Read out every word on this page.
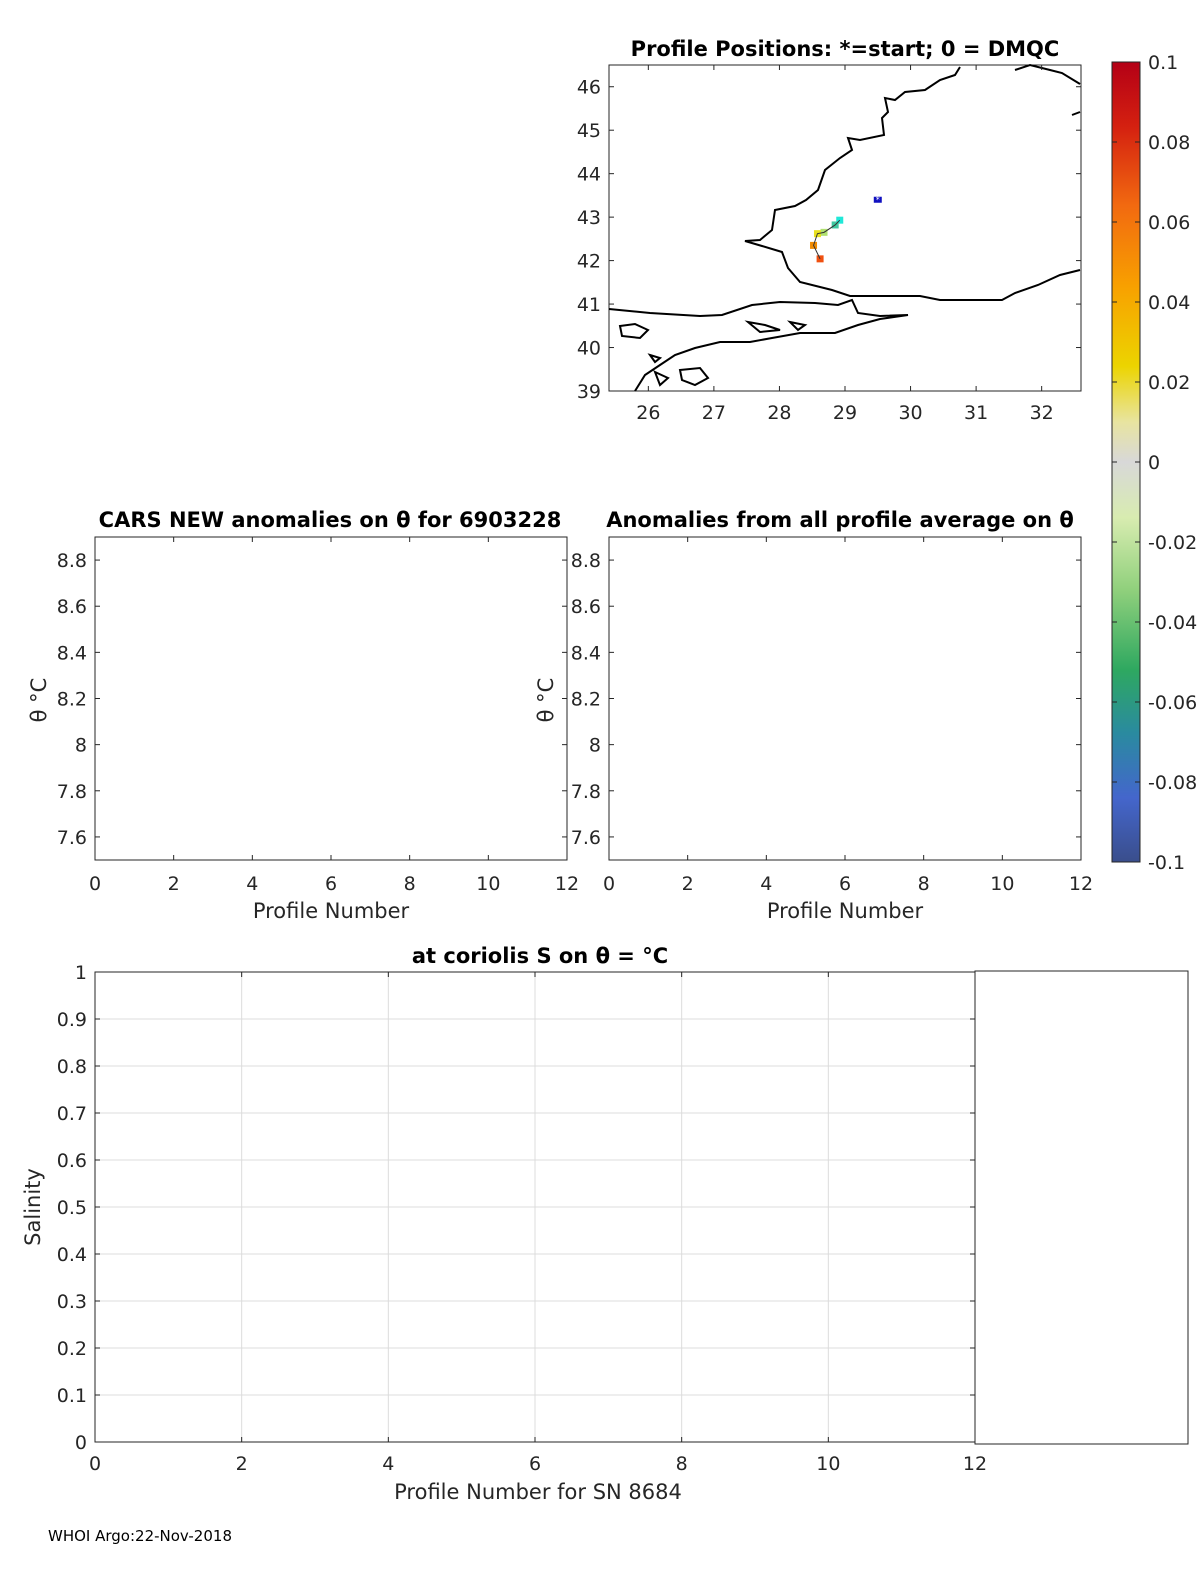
Profile Positions: *=start; 0 = DMQC
*
26 27 28 29 30 31 32
39
40
41
42
43
44
45
46
0.1
0.08
0.06
0.04
0.02
0
-0.02
-0.04
-0.06
-0.08
-0.1
CARS NEW anomalies on θ for 6903228
0	2	4	6	8	10	12
7.6
7.8
8
8.2
8.4
8.6
8.8
Profile Number
θ °C
Anomalies from all profile average on θ
0	2	4	6	8	10	12
7.6
7.8
8
8.2
8.4
8.6
8.8
Profile Number
θ °C
at coriolis S on θ = °C
0	2	4	6	8	10	12
0
0.1
0.2
0.3
0.4
0.5
0.6
0.7
0.8
0.9
1
Profile Number for SN 8684
Salinity
WHOI Argo:22-Nov-2018
